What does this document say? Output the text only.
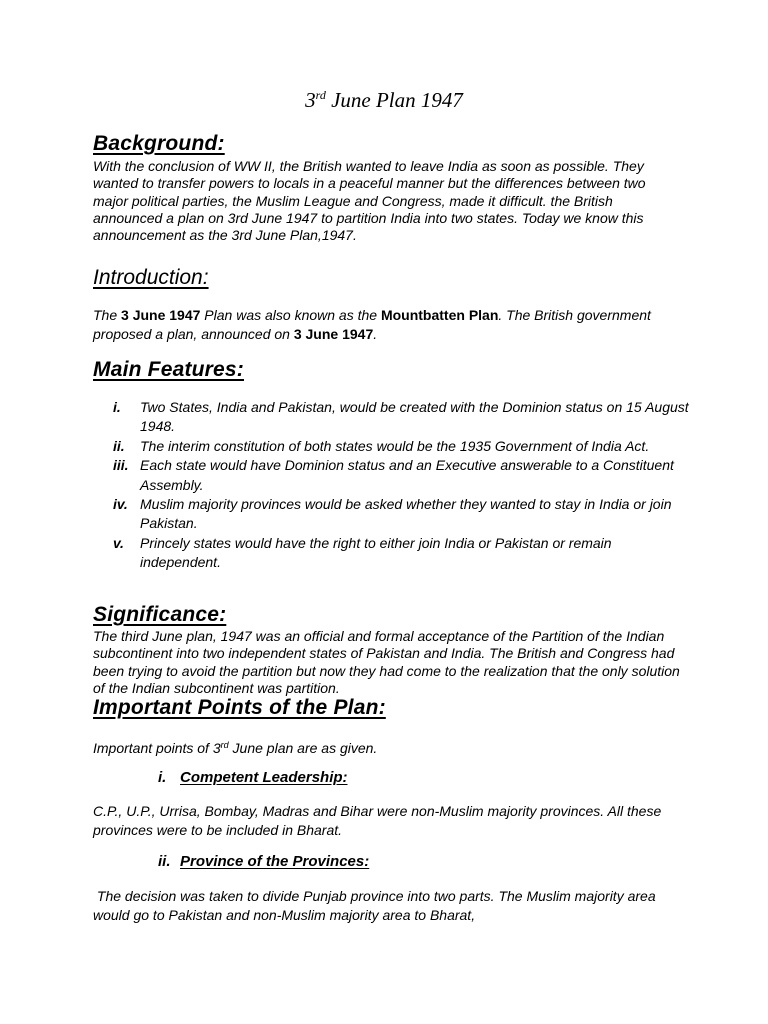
3rd June Plan 1947
Background:
With the conclusion of WW II, the British wanted to leave India as soon as possible. They wanted to transfer powers to locals in a peaceful manner but the differences between two major political parties, the Muslim League and Congress, made it difficult. the British announced a plan on 3rd June 1947 to partition India into two states. Today we know this announcement as the 3rd June Plan,1947.
Introduction:
The 3 June 1947 Plan was also known as the Mountbatten Plan. The British government proposed a plan, announced on 3 June 1947.
Main Features:
i.	Two States, India and Pakistan, would be created with the Dominion status on 15 August 1948.
ii.	The interim constitution of both states would be the 1935 Government of India Act.
iii. Each state would have Dominion status and an Executive answerable to a Constituent Assembly.
iv. Muslim majority provinces would be asked whether they wanted to stay in India or join Pakistan.
v.	Princely states would have the right to either join India or Pakistan or remain independent.
Significance:
The third June plan, 1947 was an official and formal acceptance of the Partition of the Indian subcontinent into two independent states of Pakistan and India. The British and Congress had been trying to avoid the partition but now they had come to the realization that the only solution of the Indian subcontinent was partition.
Important Points of the Plan:
Important points of 3rd June plan are as given.
i. Competent Leadership:
C.P., U.P., Urrisa, Bombay, Madras and Bihar were non-Muslim majority provinces. All these provinces were to be included in Bharat.
ii. Province of the Provinces:
The decision was taken to divide Punjab province into two parts. The Muslim majority area would go to Pakistan and non-Muslim majority area to Bharat,
